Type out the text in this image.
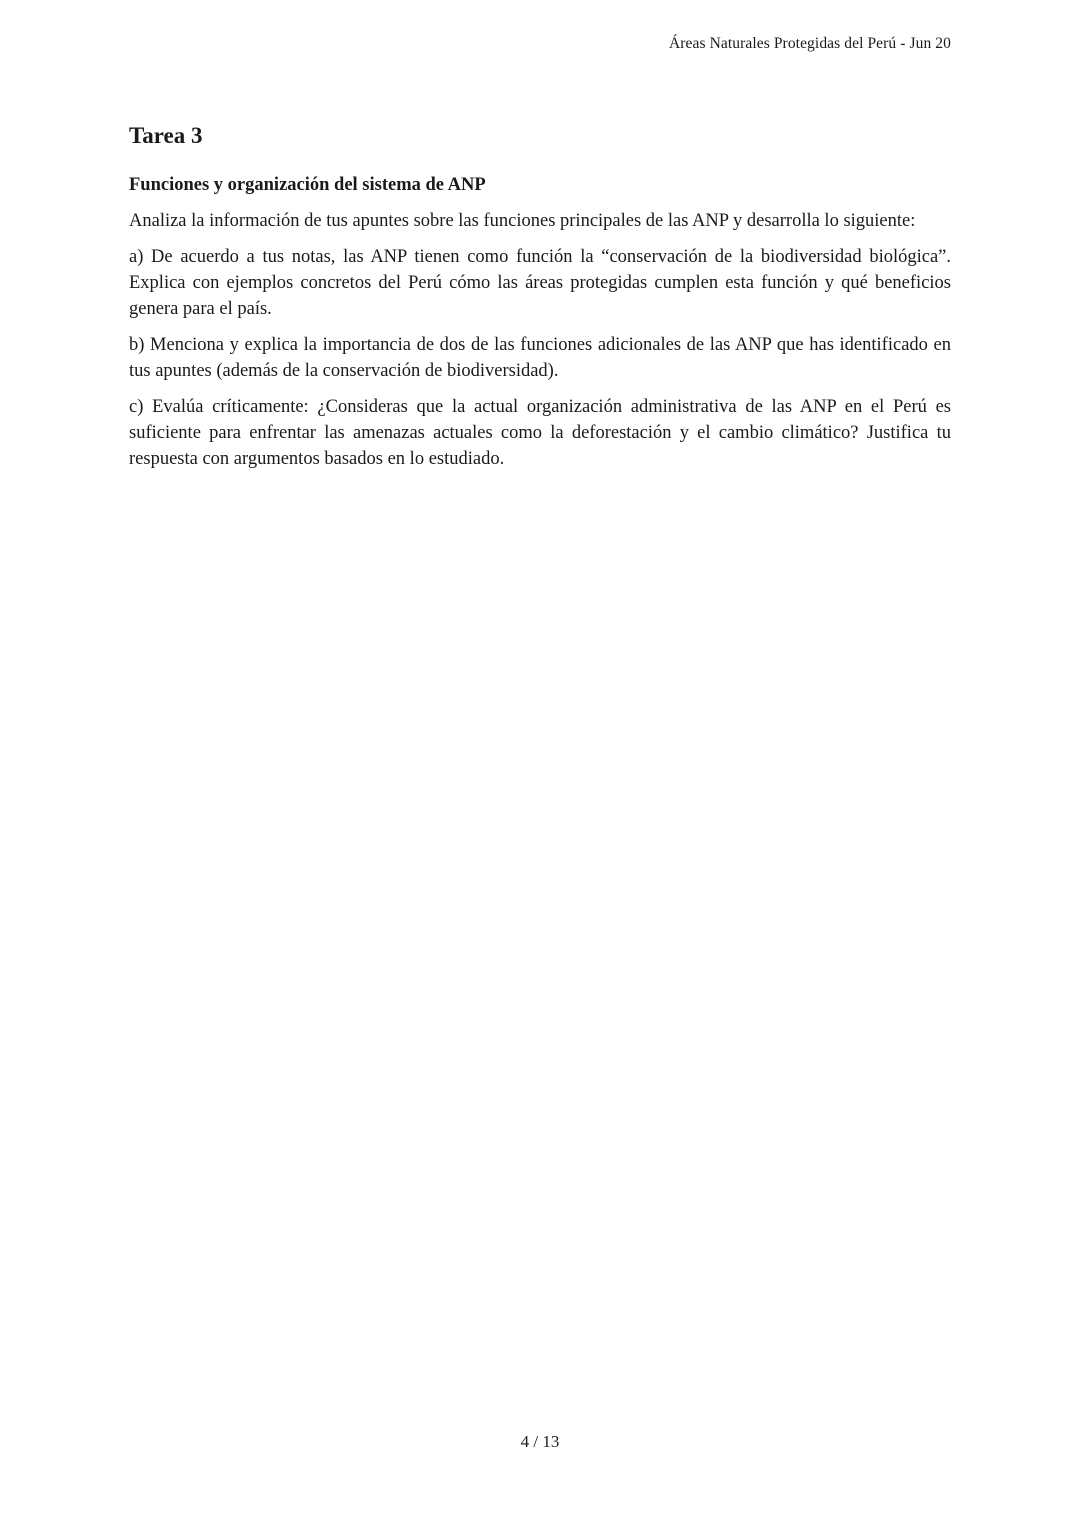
Áreas Naturales Protegidas del Perú - Jun 20
Tarea 3
Funciones y organización del sistema de ANP

Analiza la información de tus apuntes sobre las funciones principales de las ANP y desarrolla lo siguiente:

a) De acuerdo a tus notas, las ANP tienen como función la “conservación de la biodiversidad biológica”. Explica con ejemplos concretos del Perú cómo las áreas protegidas cumplen esta función y qué beneficios genera para el país.

b) Menciona y explica la importancia de dos de las funciones adicionales de las ANP que has identificado en tus apuntes (además de la conservación de biodiversidad).

c) Evalúa críticamente: ¿Consideras que la actual organización administrativa de las ANP en el Perú es suficiente para enfrentar las amenazas actuales como la deforestación y el cambio climático? Justifica tu respuesta con argumentos basados en lo estudiado.

4 / 13
